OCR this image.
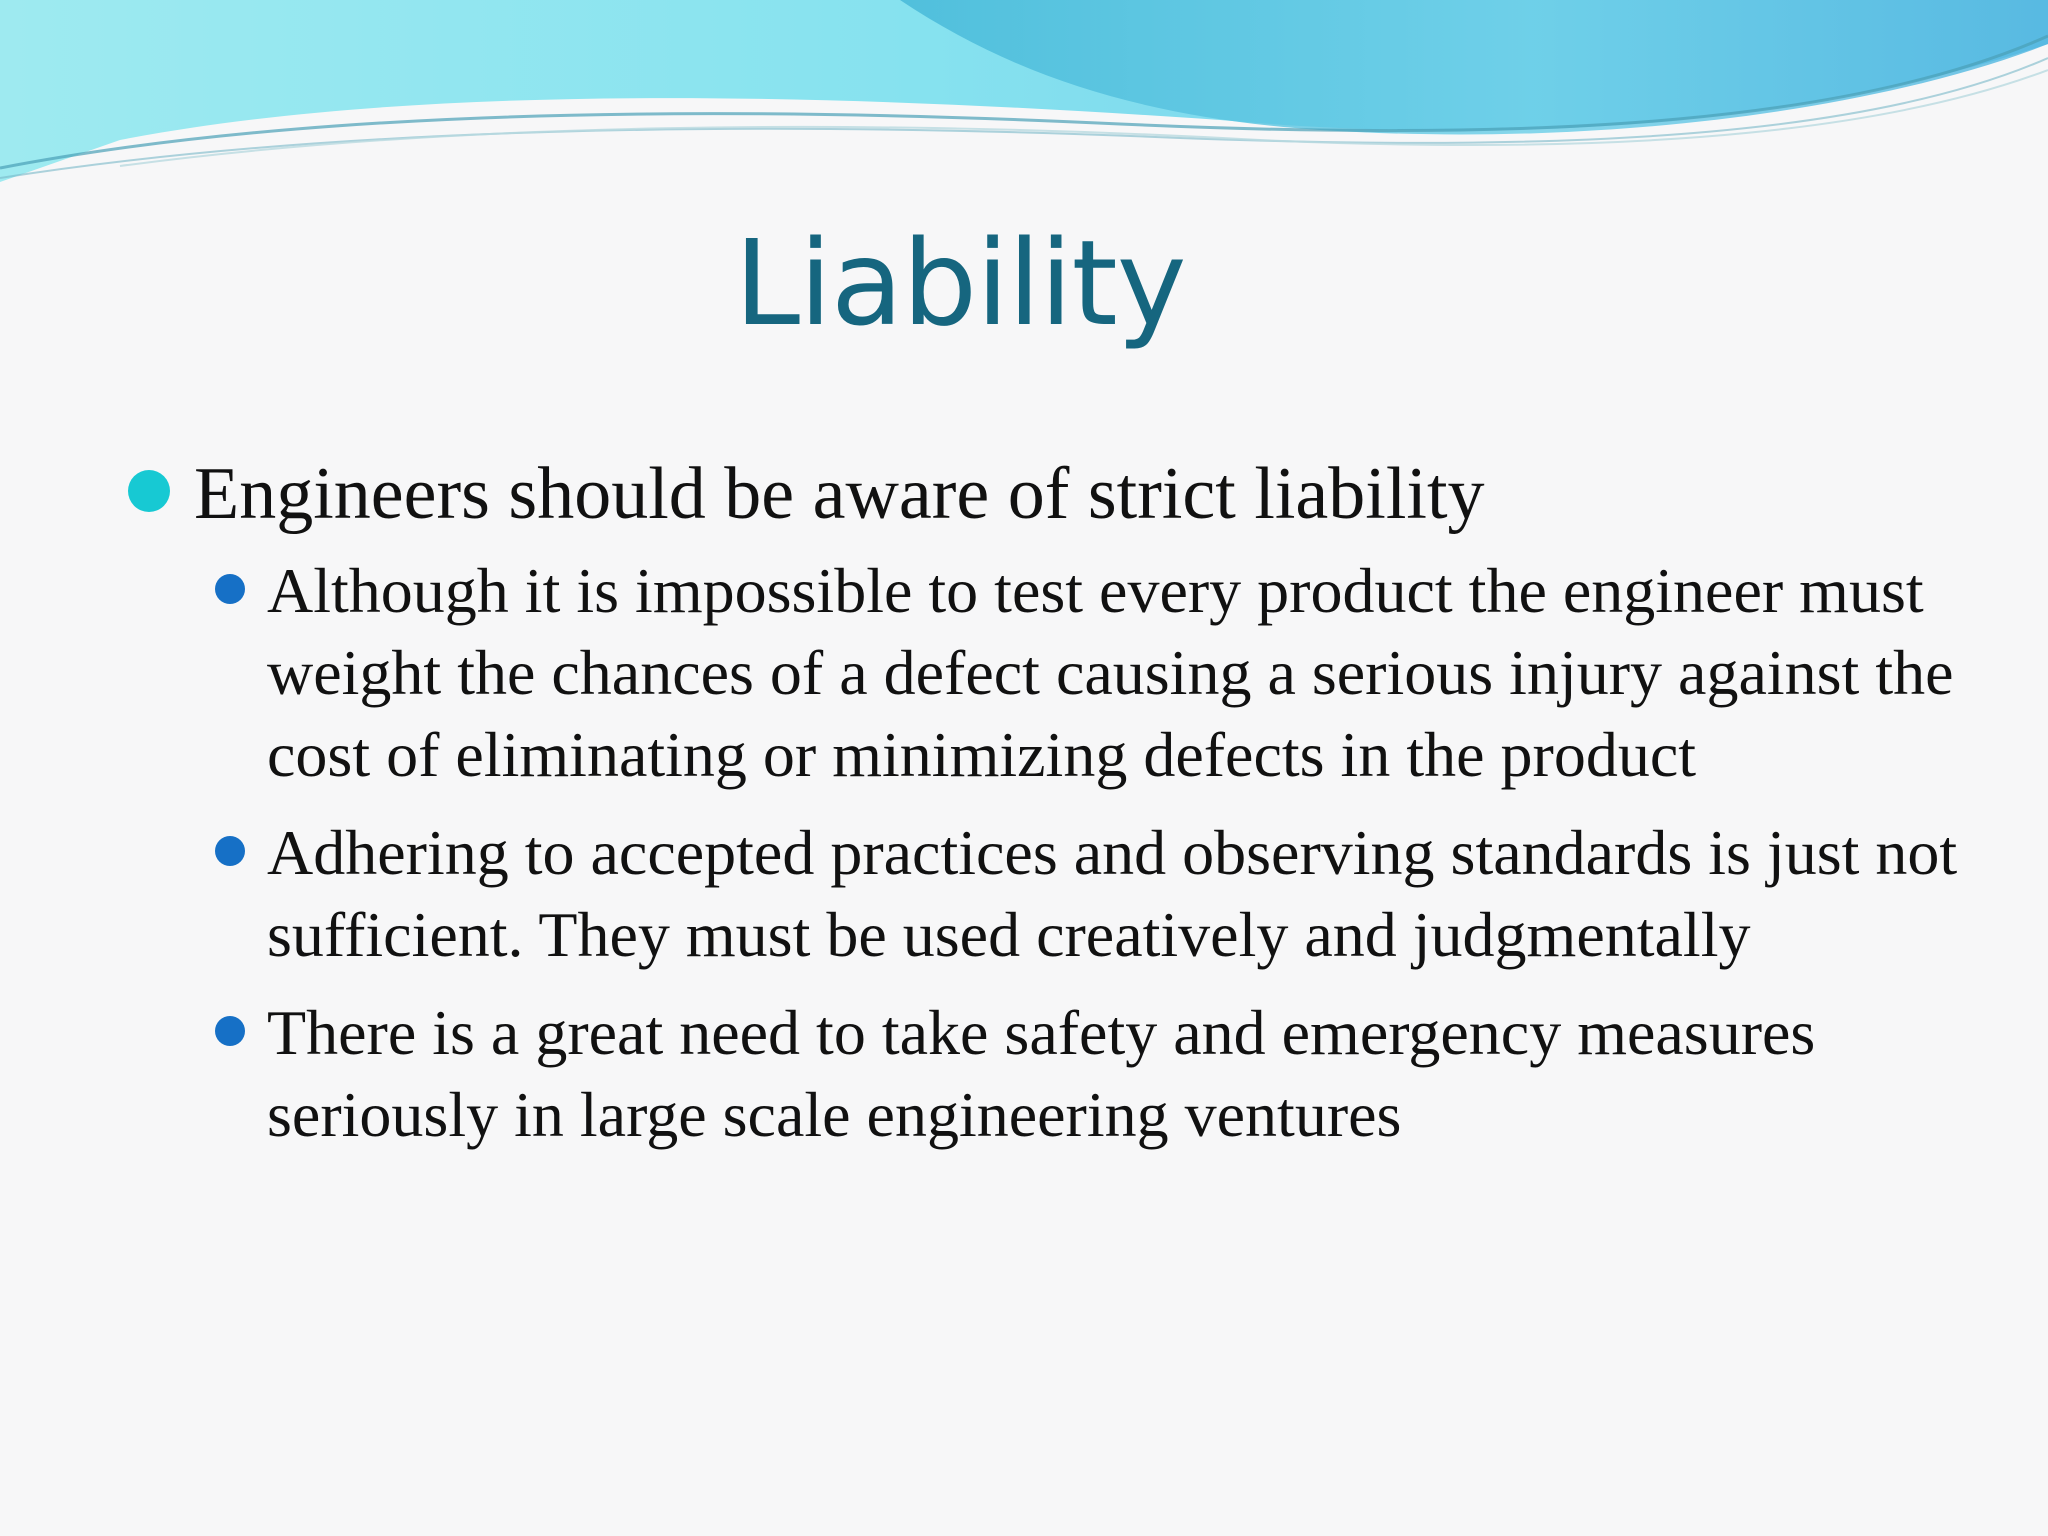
Liability
Engineers should be aware of strict liability
Although it is impossible to test every product the engineer must weight the chances of a defect causing a serious injury against the cost of eliminating or minimizing defects in the product
Adhering to accepted practices and observing standards is just not sufficient. They must be used creatively and judgmentally
There is a great need to take safety and emergency measures seriously in large scale engineering ventures
